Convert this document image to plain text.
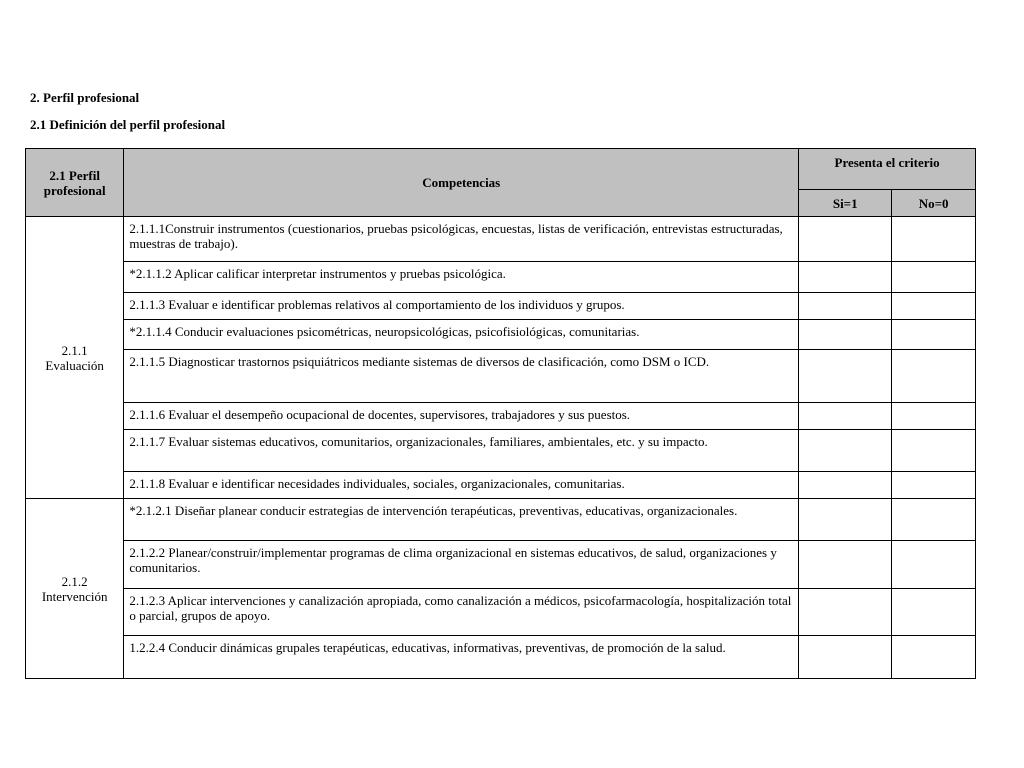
2. Perfil profesional
2.1 Definición del perfil profesional
2.1 Perfil profesional	Competencias	Presenta el criterio	
		Si=1	No=0
2.1.1 Evaluación	2.1.1.1Construir instrumentos (cuestionarios, pruebas psicológicas, encuestas, listas de verificación, entrevistas estructuradas, muestras de trabajo).		
	*2.1.1.2 Aplicar calificar interpretar instrumentos y pruebas psicológica.		
	2.1.1.3 Evaluar e identificar problemas relativos al comportamiento de los individuos y grupos.		
	*2.1.1.4 Conducir evaluaciones psicométricas, neuropsicológicas, psicofisiológicas, comunitarias.		
	2.1.1.5 Diagnosticar trastornos psiquiátricos mediante sistemas de diversos de clasificación, como DSM o ICD.		
	2.1.1.6 Evaluar el desempeño ocupacional de docentes, supervisores, trabajadores y sus puestos.		
	2.1.1.7 Evaluar sistemas educativos, comunitarios, organizacionales, familiares, ambientales, etc. y su impacto.		
	2.1.1.8 Evaluar e identificar necesidades individuales, sociales, organizacionales, comunitarias.		
2.1.2 Intervención	*2.1.2.1 Diseñar planear conducir estrategias de intervención terapéuticas, preventivas, educativas, organizacionales.		
	2.1.2.2 Planear/construir/implementar programas de clima organizacional en sistemas educativos, de salud, organizaciones y comunitarios.		
	2.1.2.3 Aplicar intervenciones y canalización apropiada, como canalización a médicos, psicofarmacología, hospitalización total o parcial, grupos de apoyo.		
	1.2.2.4 Conducir dinámicas grupales terapéuticas, educativas, informativas, preventivas, de promoción de la salud.		
